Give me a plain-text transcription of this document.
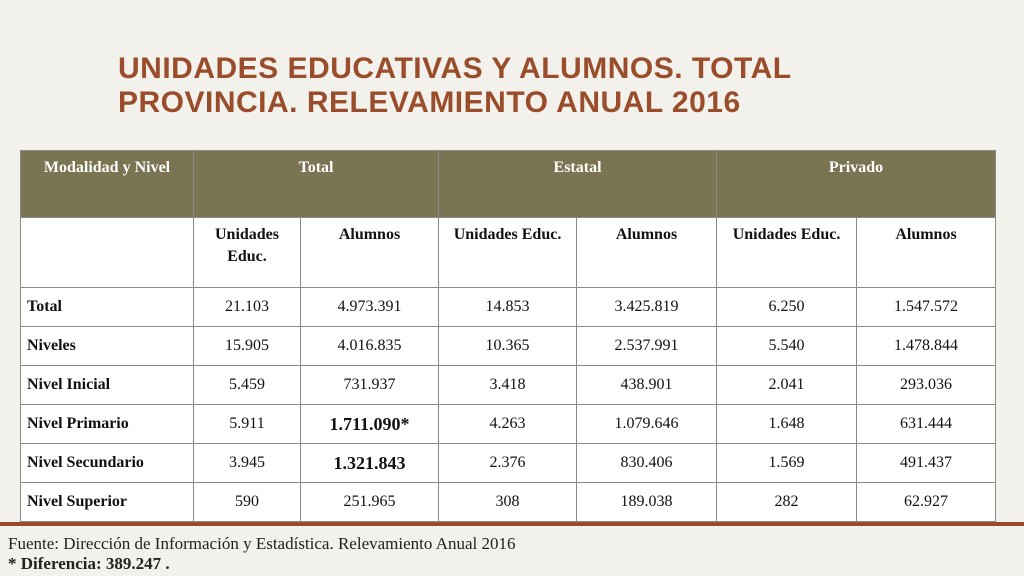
UNIDADES EDUCATIVAS Y ALUMNOS. TOTAL PROVINCIA. RELEVAMIENTO ANUAL 2016
Modalidad y Nivel	Total		Estatal		Privado	
	Unidades Educ.	Alumnos	Unidades Educ.	Alumnos	Unidades Educ.	Alumnos
Total	21.103	4.973.391	14.853	3.425.819	6.250	1.547.572
Niveles	15.905	4.016.835	10.365	2.537.991	5.540	1.478.844
Nivel Inicial	5.459	731.937	3.418	438.901	2.041	293.036
Nivel Primario	5.911	1.711.090*	4.263	1.079.646	1.648	631.444
Nivel Secundario	3.945	1.321.843	2.376	830.406	1.569	491.437
Nivel Superior	590	251.965	308	189.038	282	62.927
Fuente: Dirección de Información y Estadística. Relevamiento Anual 2016
* Diferencia: 389.247 .
